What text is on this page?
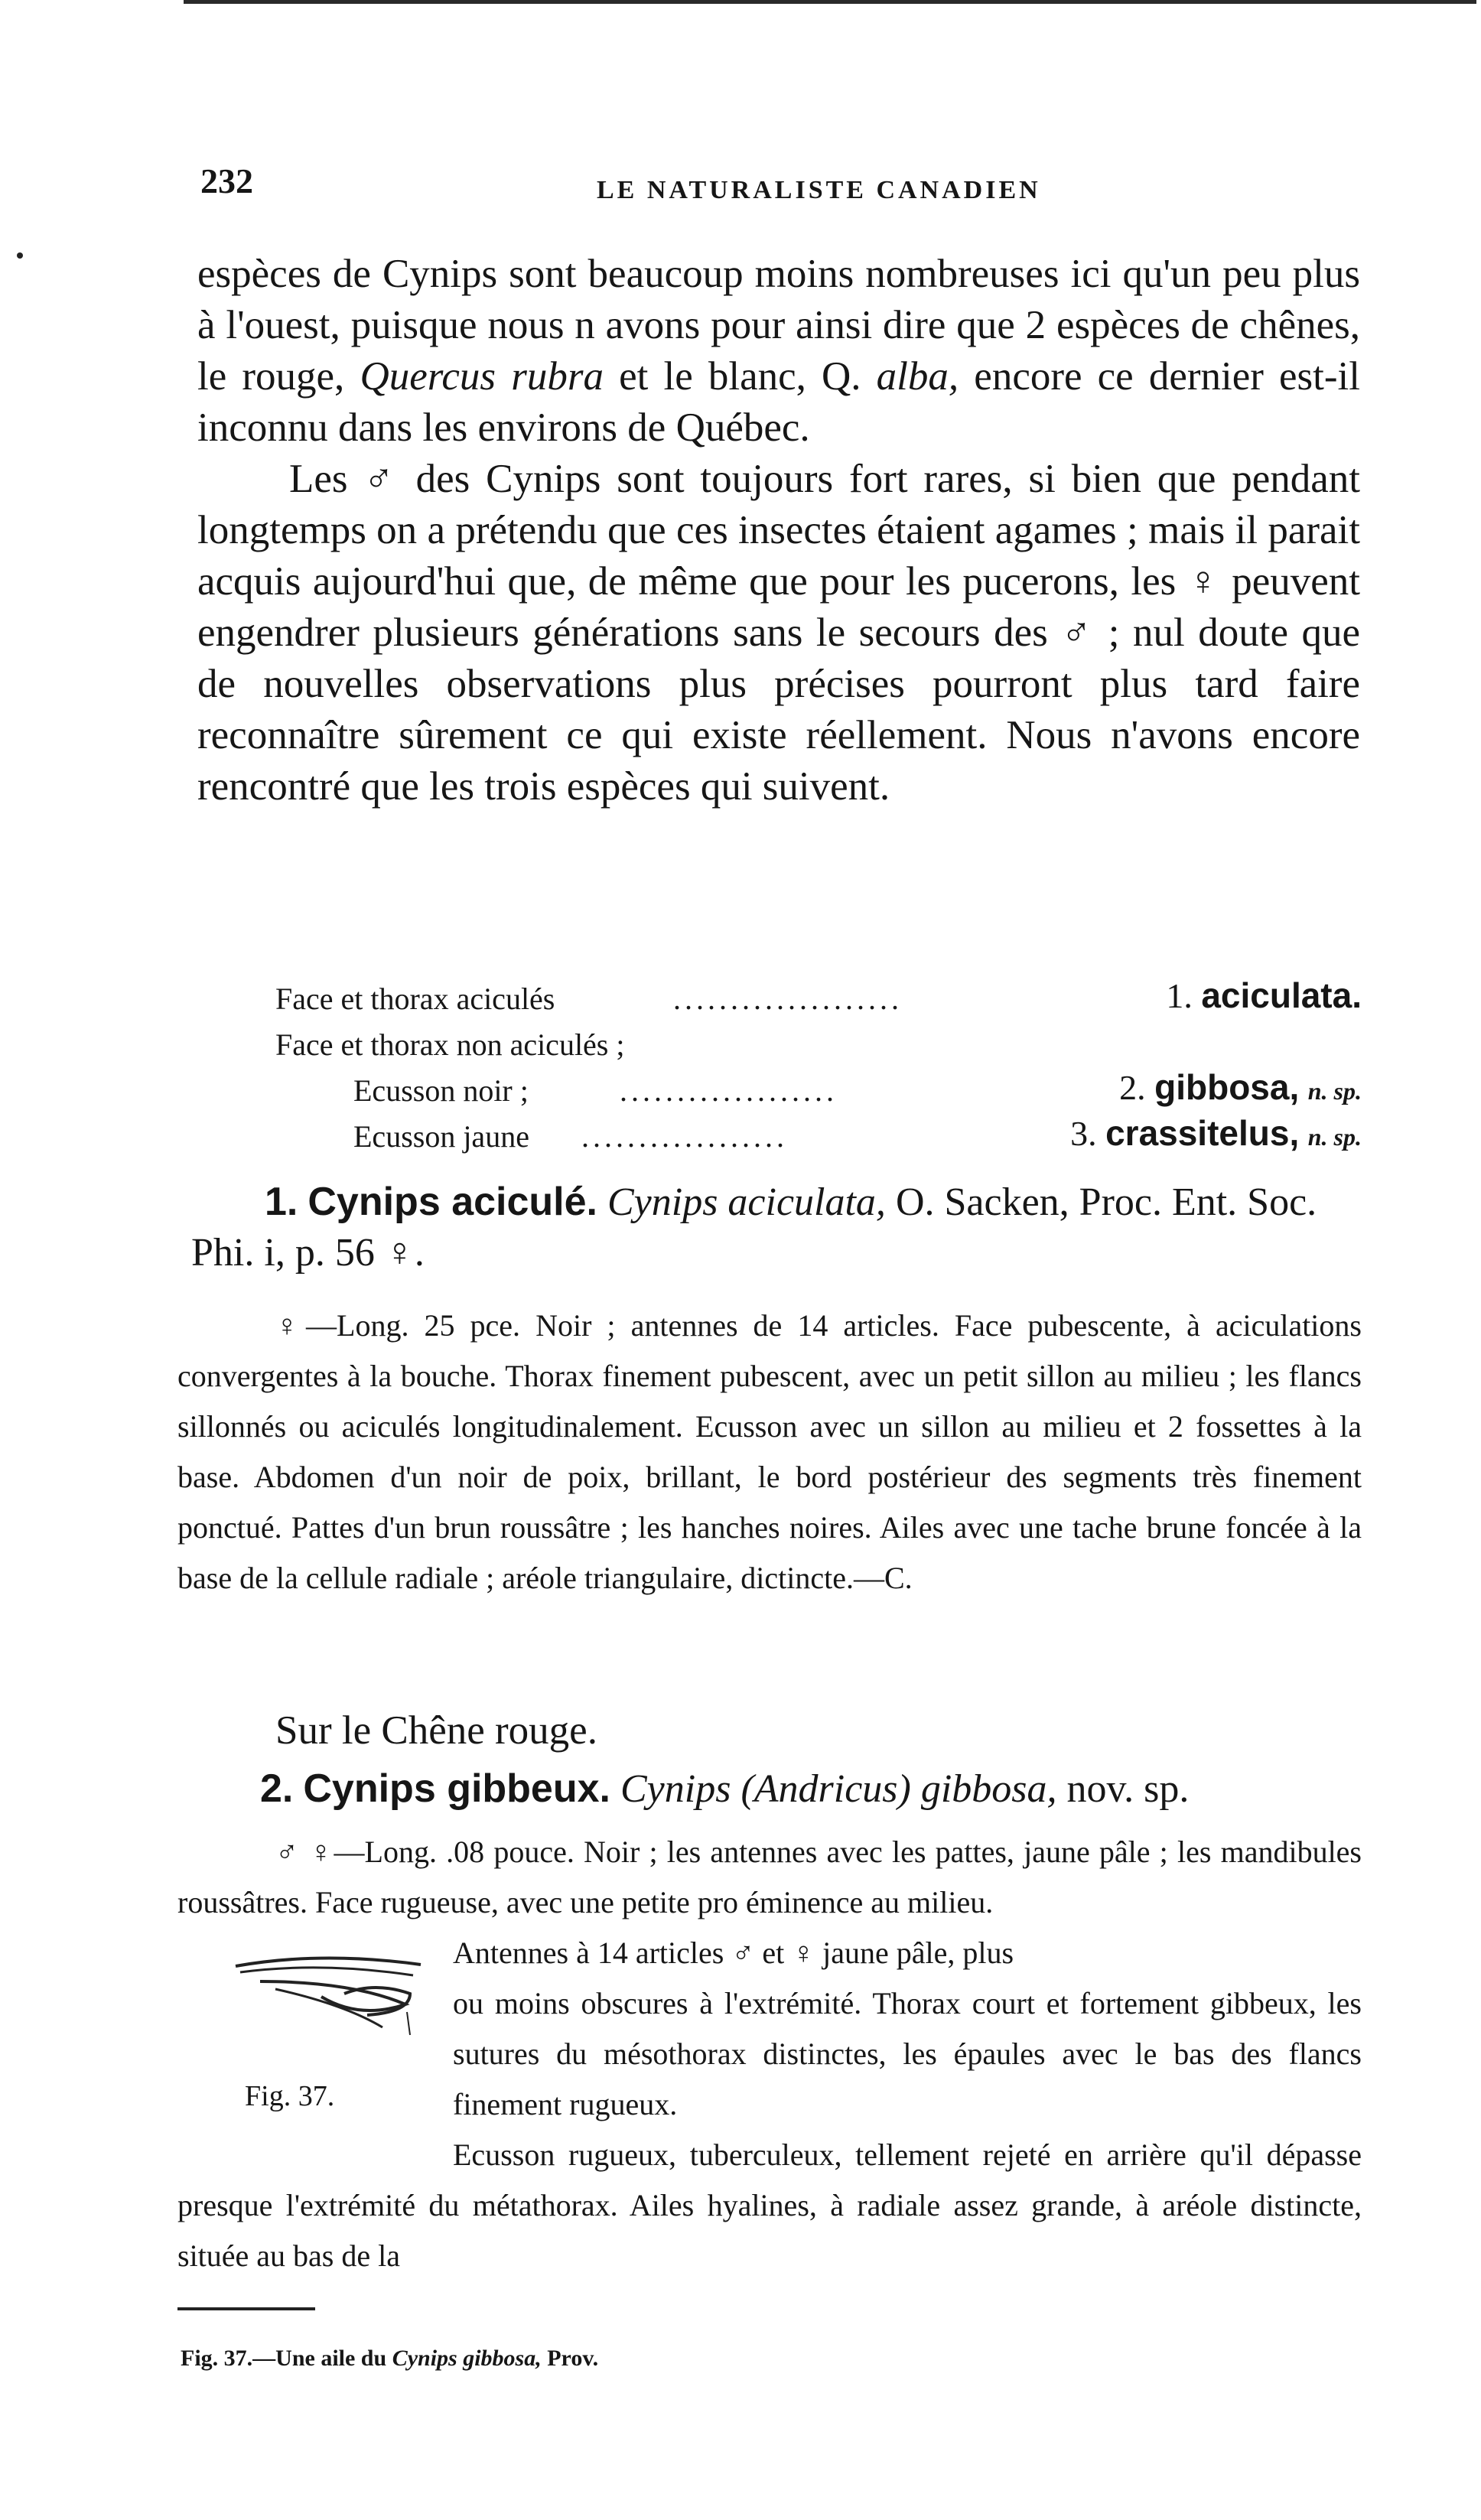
232	LE NATURALISTE CANADIEN

espèces de Cynips sont beaucoup moins nombreuses ici qu'un peu plus à l'ouest, puisque nous n avons pour ainsi dire que 2 espèces de chênes, le rouge, Quercus rubra et le blanc, Q. alba, encore ce dernier est-il inconnu dans les environs de Québec.

Les ♂ des Cynips sont toujours fort rares, si bien que pendant longtemps on a prétendu que ces insectes étaient agames ; mais il parait acquis aujourd'hui que, de même que pour les pucerons, les ♀ peuvent engendrer plusieurs générations sans le secours des ♂ ; nul doute que de nouvelles observations plus précises pourront plus tard faire reconnaître sûrement ce qui existe réellement. Nous n'avons encore rencontré que les trois espèces qui suivent.

Face et thorax aciculés	....................	1. aciculata.
Face et thorax non aciculés ;
Ecusson noir ;	...................	2. gibbosa, n. sp.
Ecusson jaune ..................	3. crassitelus, n. sp.
1. Cynips aciculé. Cynips aciculata, O. Sacken, Proc. Ent. Soc. Phi. i, p. 56 ♀.
♀—Long. 25 pce. Noir ; antennes de 14 articles. Face pubescente, à aciculations convergentes à la bouche. Thorax finement pubescent, avec un petit sillon au milieu ; les flancs sillonnés ou aciculés longitudinalement. Ecusson avec un sillon au milieu et 2 fossettes à la base. Abdomen d'un noir de poix, brillant, le bord postérieur des segments très finement ponctué. Pattes d'un brun roussâtre ; les hanches noires. Ailes avec une tache brune foncée à la base de la cellule radiale ; aréole triangulaire, dictincte.—C.
Sur le Chêne rouge.
2. Cynips gibbeux. Cynips (Andricus) gibbosa, nov. sp.

♂ ♀—Long. .08 pouce. Noir ; les antennes avec les pattes, jaune pâle ; les mandibules roussâtres. Face rugueuse, avec une petite pro éminence au milieu.

Antennes à 14 articles ♂ et ♀ jaune pâle, plus

ou moins obscures à l'extrémité. Thorax court et fortement gibbeux, les sutures du mésothorax distinctes, les épaules avec le bas des flancs finement rugueux.

Ecusson rugueux, tuberculeux, tellement rejeté en arrière qu'il dépasse presque l'extrémité du métathorax. Ailes hyalines, à radiale assez grande, à aréole distincte, située au bas de la

Fig. 37.
Fig. 37.—Une aile du Cynips gibbosa, Prov.
